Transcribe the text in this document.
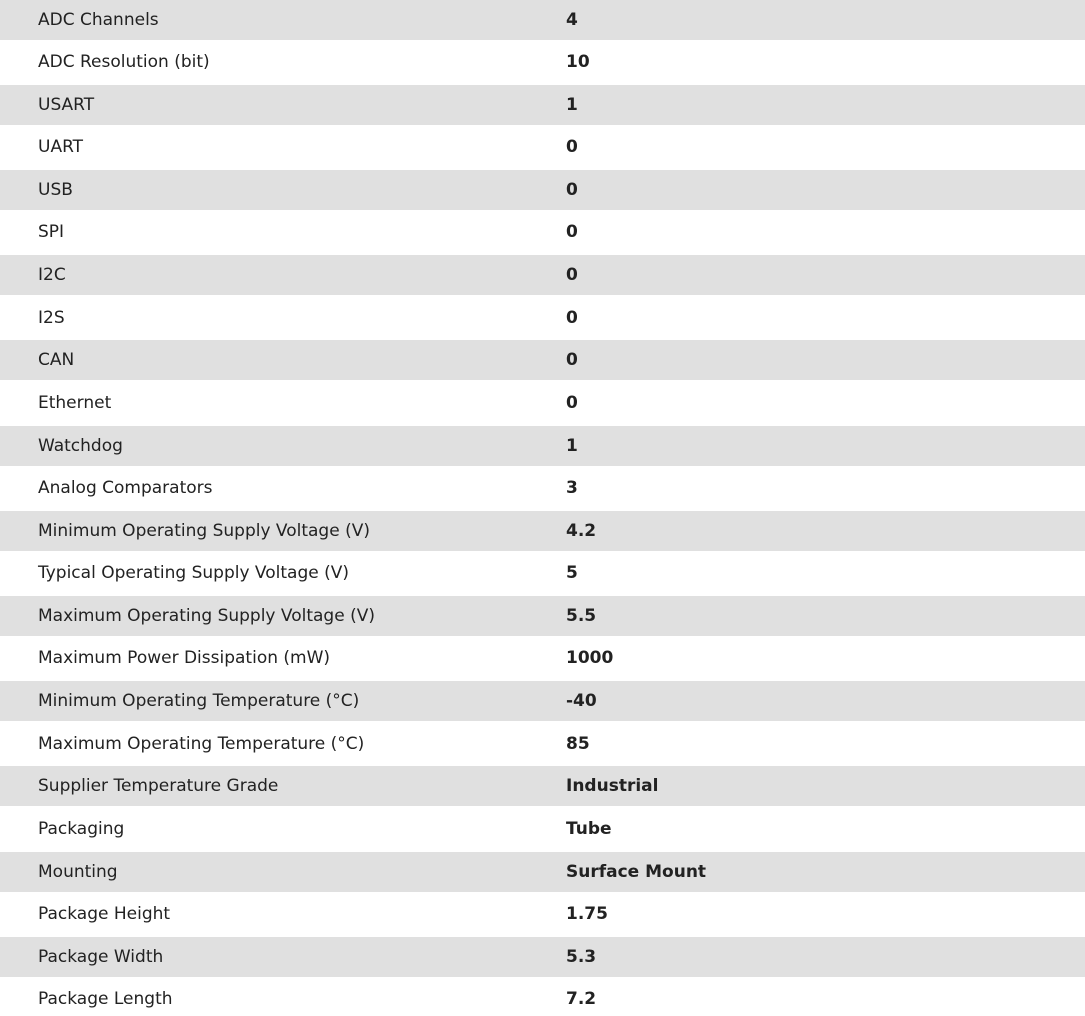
ADC Channels	4
ADC Resolution (bit)	10
USART	1
UART	0
USB	0
SPI	0
I2C	0
I2S	0
CAN	0
Ethernet	0
Watchdog	1
Analog Comparators	3
Minimum Operating Supply Voltage (V)	4.2
Typical Operating Supply Voltage (V)	5
Maximum Operating Supply Voltage (V)	5.5
Maximum Power Dissipation (mW)	1000
Minimum Operating Temperature (°C)	-40
Maximum Operating Temperature (°C)	85
Supplier Temperature Grade	Industrial
Packaging	Tube
Mounting	Surface Mount
Package Height	1.75
Package Width	5.3
Package Length	7.2
